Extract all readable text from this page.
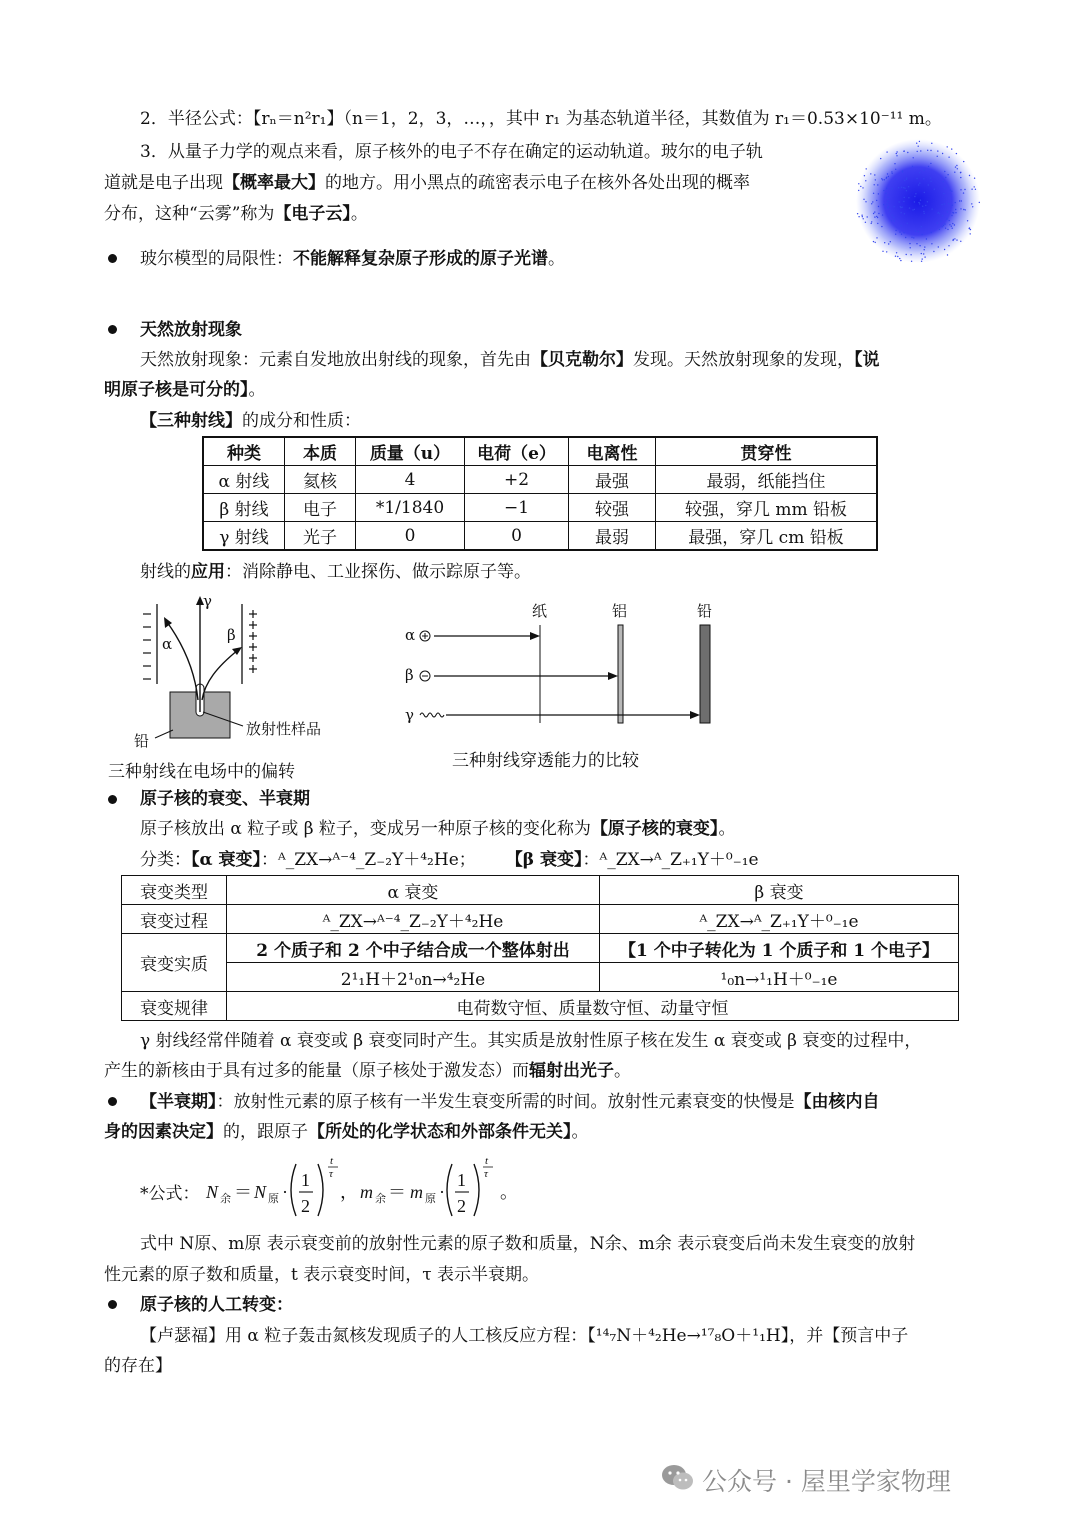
2．半径公式：【rₙ＝n²r₁】（n＝1，2，3，…，，其中 r₁ 为基态轨道半径，其数值为 r₁＝0.53×10⁻¹¹ m。
3．从量子力学的观点来看，原子核外的电子不存在确定的运动轨道。玻尔的电子轨
道就是电子出现【概率最大】的地方。用小黑点的疏密表示电子在核外各处出现的概率
分布，这种“云雾”称为【电子云】。
玻尔模型的局限性：不能解释复杂原子形成的原子光谱。
天然放射现象
天然放射现象：元素自发地放出射线的现象，首先由【贝克勒尔】发现。天然放射现象的发现，【说
明原子核是可分的】。
【三种射线】的成分和性质：
种类	本质	质量（u）	电荷（e）	电离性	贯穿性
α 射线	氦核	4	+2	最强	最弱，纸能挡住
β 射线	电子	*1/1840	−1	较强	较强，穿几 mm 铅板
γ 射线	光子	0	0	最弱	最强，穿几 cm 铅板
射线的应用：消除静电、工业探伤、做示踪原子等。
γ
α	β
放射性样品
铅
三种射线在电场中的偏转
纸	铝	铅
α
β
γ
三种射线穿透能力的比较
原子核的衰变、半衰期
原子核放出 α 粒子或 β 粒子，变成另一种原子核的变化称为【原子核的衰变】。
分类：【α 衰变】：ᴬ_ZX→ᴬ⁻⁴_Z₋₂Y＋⁴₂He； 【β 衰变】：ᴬ_ZX→ᴬ_Z₊₁Y＋⁰₋₁e
衰变类型	α 衰变	β 衰变
衰变过程	ᴬ_ZX→ᴬ⁻⁴_Z₋₂Y＋⁴₂He	ᴬ_ZX→ᴬ_Z₊₁Y＋⁰₋₁e
衰变实质	2 个质子和 2 个中子结合成一个整体射出	【1 个中子转化为 1 个质子和 1 个电子】
	2¹₁H＋2¹₀n→⁴₂He	¹₀n→¹₁H＋⁰₋₁e
衰变规律	电荷数守恒、质量数守恒、动量守恒	
γ 射线经常伴随着 α 衰变或 β 衰变同时产生。其实质是放射性原子核在发生 α 衰变或 β 衰变的过程中，
产生的新核由于具有过多的能量（原子核处于激发态）而辐射出光子。
【半衰期】：放射性元素的原子核有一半发生衰变所需的时间。放射性元素衰变的快慢是【由核内自
身的因素决定】的，跟原子【所处的化学状态和外部条件无关】。
*公式： N 余 ＝ N 原 ·
1
2
t
τ
， m 余 ＝ m 原 ·
1
2
t
τ
。
式中 N原、m原 表示衰变前的放射性元素的原子数和质量，N余、m余 表示衰变后尚未发生衰变的放射
性元素的原子数和质量，t 表示衰变时间，τ 表示半衰期。
原子核的人工转变：
【卢瑟福】用 α 粒子轰击氮核发现质子的人工核反应方程：【¹⁴₇N＋⁴₂He→¹⁷₈O＋¹₁H】，并【预言中子
的存在】
公众号 · 屋里学家物理
